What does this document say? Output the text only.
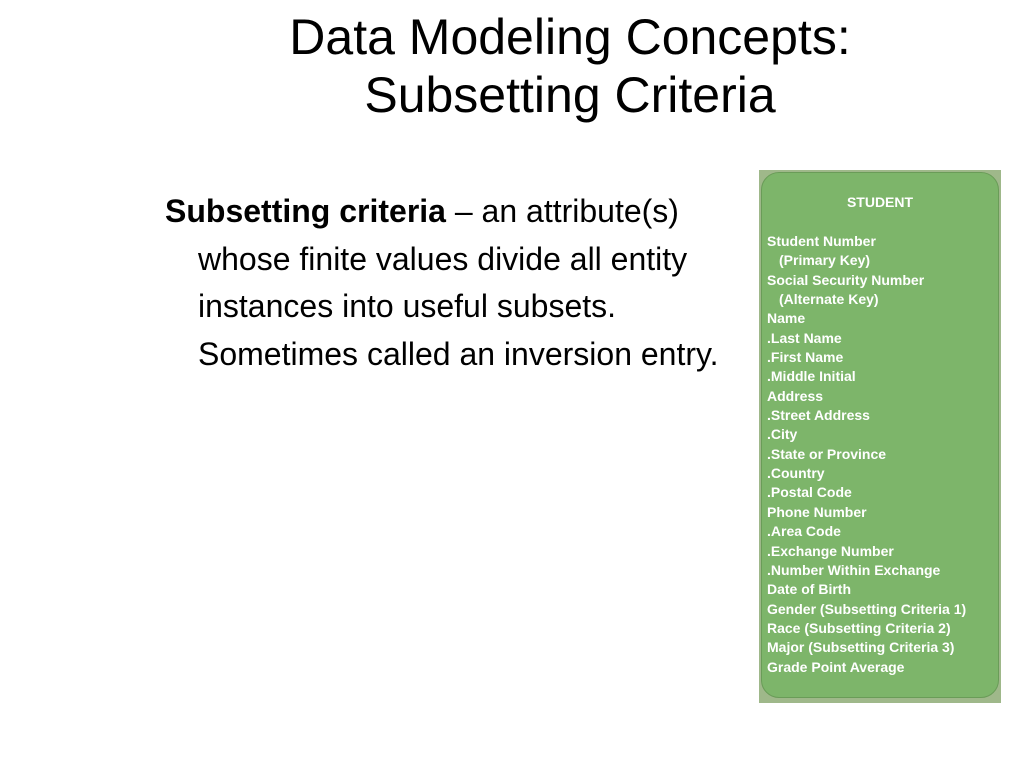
Data Modeling Concepts:
Subsetting Criteria
Subsetting criteria – an attribute(s) whose finite values divide all entity instances into useful subsets. Sometimes called an inversion entry.
STUDENT
Student Number
(Primary Key)
Social Security Number
(Alternate Key)
Name
.Last Name
.First Name
.Middle Initial
Address
.Street Address
.City
.State or Province
.Country
.Postal Code
Phone Number
.Area Code
.Exchange Number
.Number Within Exchange
Date of Birth
Gender (Subsetting Criteria 1)
Race (Subsetting Criteria 2)
Major (Subsetting Criteria 3)
Grade Point Average
